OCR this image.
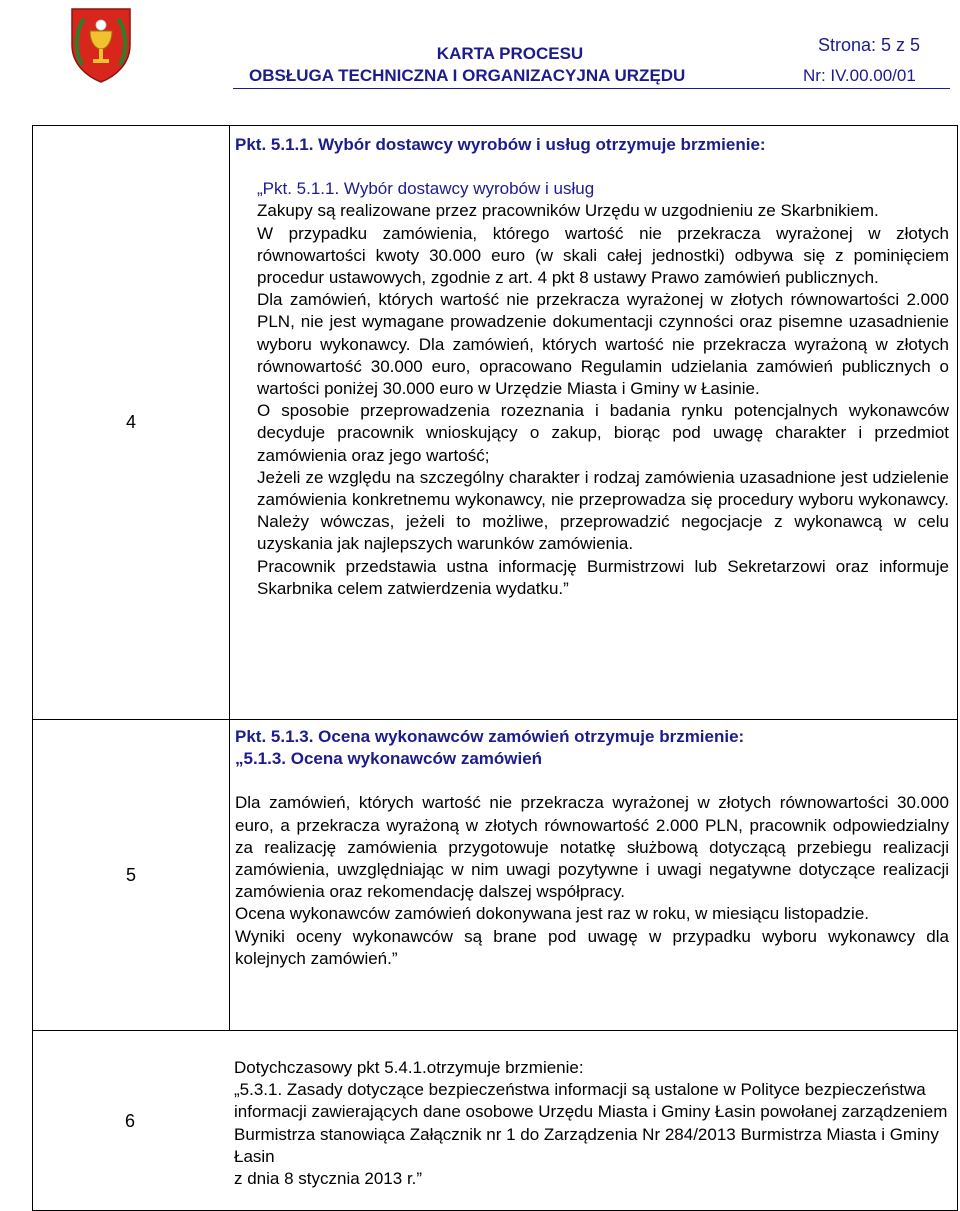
KARTA PROCESU
OBSŁUGA TECHNICZNA I ORGANIZACYJNA URZĘDU
Strona: 5 z 5
Nr: IV.00.00/01
4

Pkt. 5.1.1. Wybór dostawcy wyrobów i usług otrzymuje brzmienie:

„Pkt. 5.1.1. Wybór dostawcy wyrobów i usług

Zakupy są realizowane przez pracowników Urzędu w uzgodnieniu ze Skarbnikiem.

W przypadku zamówienia, którego wartość nie przekracza wyrażonej w złotych równowartości kwoty 30.000 euro (w skali całej jednostki) odbywa się z pominięciem procedur ustawowych, zgodnie z art. 4 pkt 8 ustawy Prawo zamówień publicznych.

Dla zamówień, których wartość nie przekracza wyrażonej w złotych równowartości 2.000 PLN, nie jest wymagane prowadzenie dokumentacji czynności oraz pisemne uzasadnienie wyboru wykonawcy. Dla zamówień, których wartość nie przekracza wyrażoną w złotych równowartość 30.000 euro, opracowano Regulamin udzielania zamówień publicznych o wartości poniżej 30.000 euro w Urzędzie Miasta i Gminy w Łasinie.

O sposobie przeprowadzenia rozeznania i badania rynku potencjalnych wykonawców decyduje pracownik wnioskujący o zakup, biorąc pod uwagę charakter i przedmiot zamówienia oraz jego wartość;

Jeżeli ze względu na szczególny charakter i rodzaj zamówienia uzasadnione jest udzielenie zamówienia konkretnemu wykonawcy, nie przeprowadza się procedury wyboru wykonawcy. Należy wówczas, jeżeli to możliwe, przeprowadzić negocjacje z wykonawcą w celu uzyskania jak najlepszych warunków zamówienia.

Pracownik przedstawia ustna informację Burmistrzowi lub Sekretarzowi oraz informuje Skarbnika celem zatwierdzenia wydatku.”

5

Pkt. 5.1.3. Ocena wykonawców zamówień otrzymuje brzmienie:

„5.1.3. Ocena wykonawców zamówień

Dla zamówień, których wartość nie przekracza wyrażonej w złotych równowartości 30.000 euro, a przekracza wyrażoną w złotych równowartość 2.000 PLN, pracownik odpowiedzialny za realizację zamówienia przygotowuje notatkę służbową dotyczącą przebiegu realizacji zamówienia, uwzględniając w nim uwagi pozytywne i uwagi negatywne dotyczące realizacji zamówienia oraz rekomendację dalszej współpracy.

Ocena wykonawców zamówień dokonywana jest raz w roku, w miesiącu listopadzie.

Wyniki oceny wykonawców są brane pod uwagę w przypadku wyboru wykonawcy dla kolejnych zamówień.”

6

Dotychczasowy pkt 5.4.1.otrzymuje brzmienie:

„5.3.1. Zasady dotyczące bezpieczeństwa informacji są ustalone w Polityce bezpieczeństwa informacji zawierających dane osobowe Urzędu Miasta i Gminy Łasin powołanej zarządzeniem Burmistrza stanowiąca Załącznik nr 1 do Zarządzenia Nr 284/2013 Burmistrza Miasta i Gminy Łasin

z dnia 8 stycznia 2013 r.”
